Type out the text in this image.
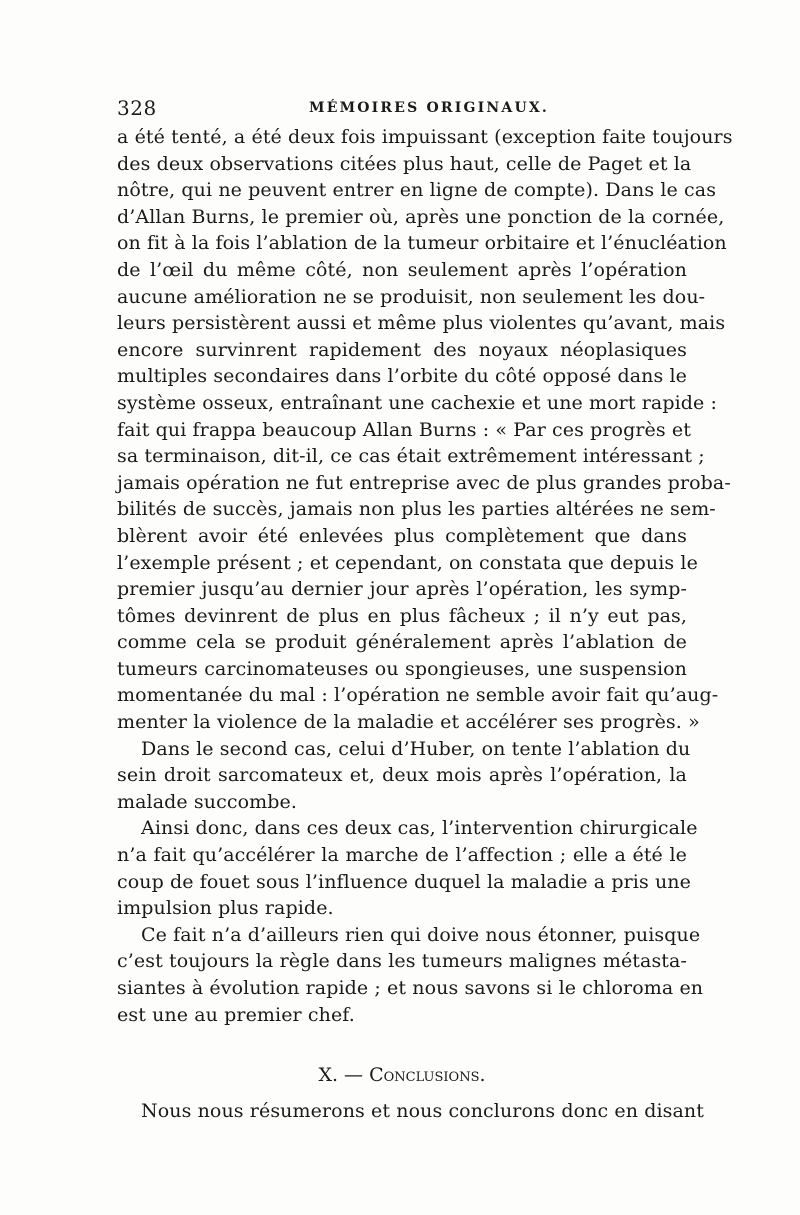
328	MÉMOIRES ORIGINAUX.
a été tenté, a été deux fois impuissant (exception faite toujours
des deux observations citées plus haut, celle de Paget et la
nôtre, qui ne peuvent entrer en ligne de compte). Dans le cas
d’Allan Burns, le premier où, après une ponction de la cornée,
on fit à la fois l’ablation de la tumeur orbitaire et l’énucléation
de l’œil du même côté, non seulement après l’opération
aucune amélioration ne se produisit, non seulement les dou-
leurs persistèrent aussi et même plus violentes qu’avant, mais
encore survinrent rapidement des noyaux néoplasiques
multiples secondaires dans l’orbite du côté opposé dans le
système osseux, entraînant une cachexie et une mort rapide :
fait qui frappa beaucoup Allan Burns : « Par ces progrès et
sa terminaison, dit-il, ce cas était extrêmement intéressant ;
jamais opération ne fut entreprise avec de plus grandes proba-
bilités de succès, jamais non plus les parties altérées ne sem-
blèrent avoir été enlevées plus complètement que dans
l’exemple présent ; et cependant, on constata que depuis le
premier jusqu’au dernier jour après l’opération, les symp-
tômes devinrent de plus en plus fâcheux ; il n’y eut pas,
comme cela se produit généralement après l’ablation de
tumeurs carcinomateuses ou spongieuses, une suspension
momentanée du mal : l’opération ne semble avoir fait qu’aug-
menter la violence de la maladie et accélérer ses progrès. »
Dans le second cas, celui d’Huber, on tente l’ablation du
sein droit sarcomateux et, deux mois après l’opération, la
malade succombe.
Ainsi donc, dans ces deux cas, l’intervention chirurgicale
n’a fait qu’accélérer la marche de l’affection ; elle a été le
coup de fouet sous l’influence duquel la maladie a pris une
impulsion plus rapide.
Ce fait n’a d’ailleurs rien qui doive nous étonner, puisque
c’est toujours la règle dans les tumeurs malignes métasta-
siantes à évolution rapide ; et nous savons si le chloroma en
est une au premier chef.
X. — Conclusions.
Nous nous résumerons et nous conclurons donc en disant
